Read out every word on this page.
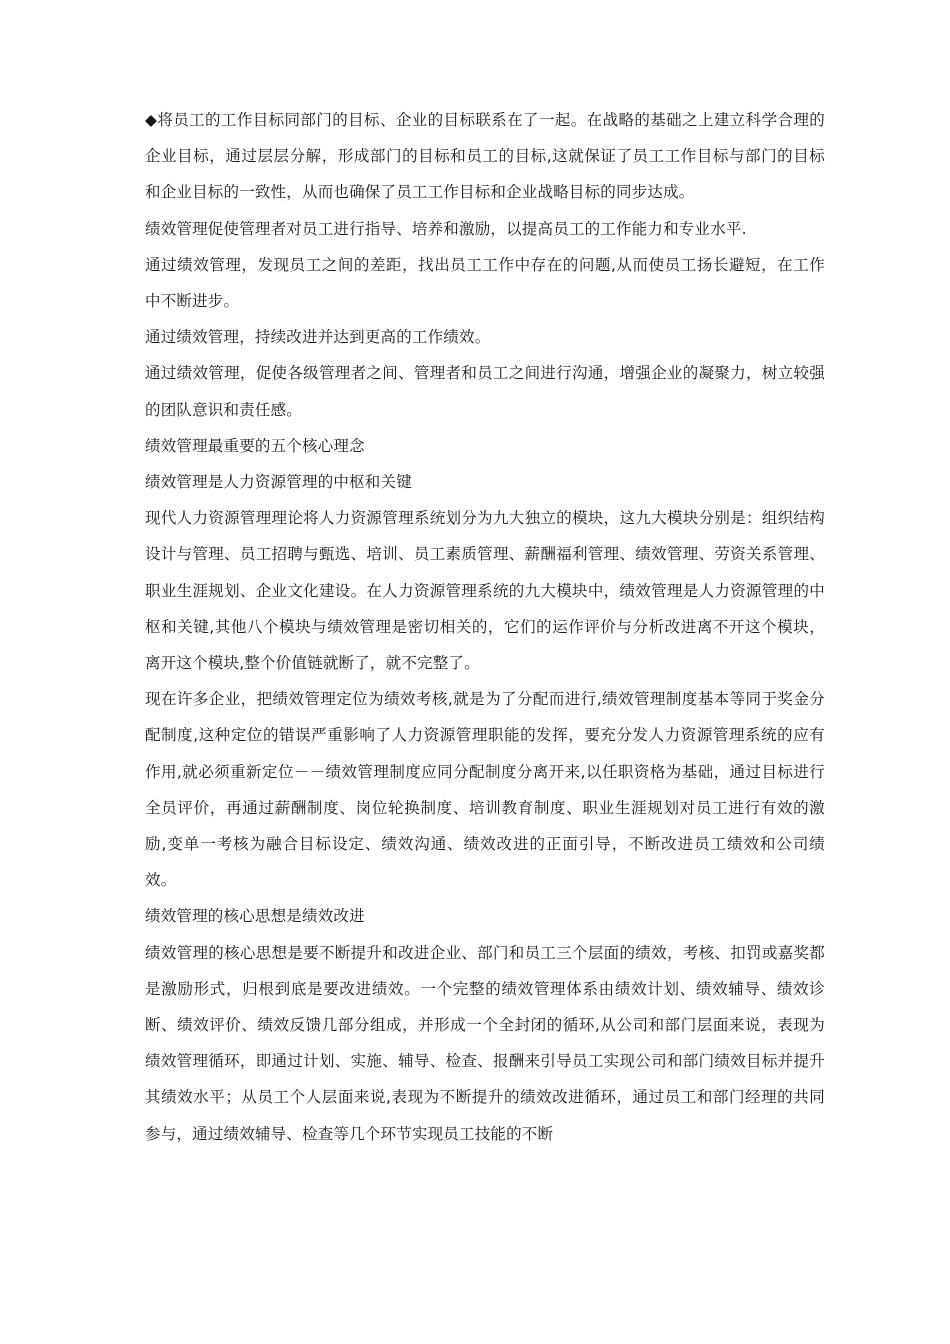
◆将员工的工作目标同部门的目标、企业的目标联系在了一起。在战略的基础之上建立科学合理的企业目标，通过层层分解，形成部门的目标和员工的目标,这就保证了员工工作目标与部门的目标和企业目标的一致性，从而也确保了员工工作目标和企业战略目标的同步达成。

绩效管理促使管理者对员工进行指导、培养和激励，以提高员工的工作能力和专业水平.

通过绩效管理，发现员工之间的差距，找出员工工作中存在的问题,从而使员工扬长避短，在工作中不断进步。

通过绩效管理，持续改进并达到更高的工作绩效。

通过绩效管理，促使各级管理者之间、管理者和员工之间进行沟通，增强企业的凝聚力，树立较强的团队意识和责任感。

绩效管理最重要的五个核心理念

绩效管理是人力资源管理的中枢和关键

现代人力资源管理理论将人力资源管理系统划分为九大独立的模块，这九大模块分别是：组织结构设计与管理、员工招聘与甄选、培训、员工素质管理、薪酬福利管理、绩效管理、劳资关系管理、职业生涯规划、企业文化建设。在人力资源管理系统的九大模块中，绩效管理是人力资源管理的中枢和关键,其他八个模块与绩效管理是密切相关的，它们的运作评价与分析改进离不开这个模块，离开这个模块,整个价值链就断了，就不完整了。

现在许多企业，把绩效管理定位为绩效考核,就是为了分配而进行,绩效管理制度基本等同于奖金分配制度,这种定位的错误严重影响了人力资源管理职能的发挥，要充分发人力资源管理系统的应有作用,就必须重新定位－－绩效管理制度应同分配制度分离开来,以任职资格为基础，通过目标进行全员评价，再通过薪酬制度、岗位轮换制度、培训教育制度、职业生涯规划对员工进行有效的激励,变单一考核为融合目标设定、绩效沟通、绩效改进的正面引导，不断改进员工绩效和公司绩效。

绩效管理的核心思想是绩效改进

绩效管理的核心思想是要不断提升和改进企业、部门和员工三个层面的绩效，考核、扣罚或嘉奖都是激励形式，归根到底是要改进绩效。一个完整的绩效管理体系由绩效计划、绩效辅导、绩效诊断、绩效评价、绩效反馈几部分组成，并形成一个全封闭的循环,从公司和部门层面来说，表现为绩效管理循环，即通过计划、实施、辅导、检查、报酬来引导员工实现公司和部门绩效目标并提升其绩效水平；从员工个人层面来说,表现为不断提升的绩效改进循环，通过员工和部门经理的共同参与，通过绩效辅导、检查等几个环节实现员工技能的不断
